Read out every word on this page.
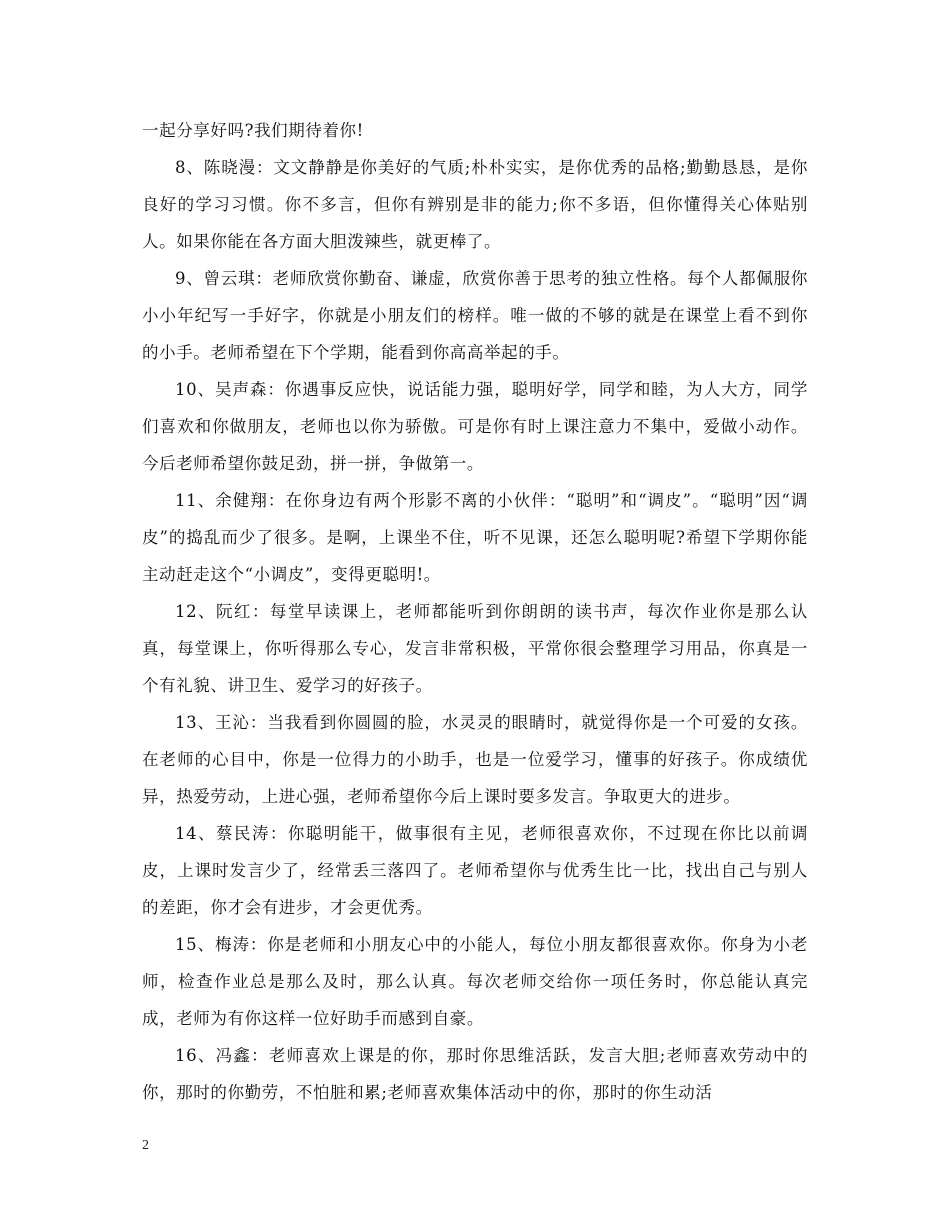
一起分享好吗?我们期待着你!

8、陈晓漫：文文静静是你美好的气质;朴朴实实，是你优秀的品格;勤勤恳恳，是你良好的学习习惯。你不多言，但你有辨别是非的能力;你不多语，但你懂得关心体贴别人。如果你能在各方面大胆泼辣些，就更棒了。

9、曾云琪：老师欣赏你勤奋、谦虚，欣赏你善于思考的独立性格。每个人都佩服你小小年纪写一手好字，你就是小朋友们的榜样。唯一做的不够的就是在课堂上看不到你的小手。老师希望在下个学期，能看到你高高举起的手。

10、吴声森：你遇事反应快，说话能力强，聪明好学，同学和睦，为人大方，同学们喜欢和你做朋友，老师也以你为骄傲。可是你有时上课注意力不集中，爱做小动作。今后老师希望你鼓足劲，拼一拼，争做第一。

11、余健翔：在你身边有两个形影不离的小伙伴：“聪明”和“调皮”。“聪明”因“调皮”的捣乱而少了很多。是啊，上课坐不住，听不见课，还怎么聪明呢?希望下学期你能主动赶走这个“小调皮”，变得更聪明!。

12、阮红：每堂早读课上，老师都能听到你朗朗的读书声，每次作业你是那么认真，每堂课上，你听得那么专心，发言非常积极，平常你很会整理学习用品，你真是一个有礼貌、讲卫生、爱学习的好孩子。

13、王沁：当我看到你圆圆的脸，水灵灵的眼睛时，就觉得你是一个可爱的女孩。在老师的心目中，你是一位得力的小助手，也是一位爱学习，懂事的好孩子。你成绩优异，热爱劳动，上进心强，老师希望你今后上课时要多发言。争取更大的进步。

14、蔡民涛：你聪明能干，做事很有主见，老师很喜欢你，不过现在你比以前调皮，上课时发言少了，经常丢三落四了。老师希望你与优秀生比一比，找出自己与别人的差距，你才会有进步，才会更优秀。

15、梅涛：你是老师和小朋友心中的小能人，每位小朋友都很喜欢你。你身为小老师，检查作业总是那么及时，那么认真。每次老师交给你一项任务时，你总能认真完成，老师为有你这样一位好助手而感到自豪。

16、冯鑫：老师喜欢上课是的你，那时你思维活跃，发言大胆;老师喜欢劳动中的你，那时的你勤劳，不怕脏和累;老师喜欢集体活动中的你，那时的你生动活

2
